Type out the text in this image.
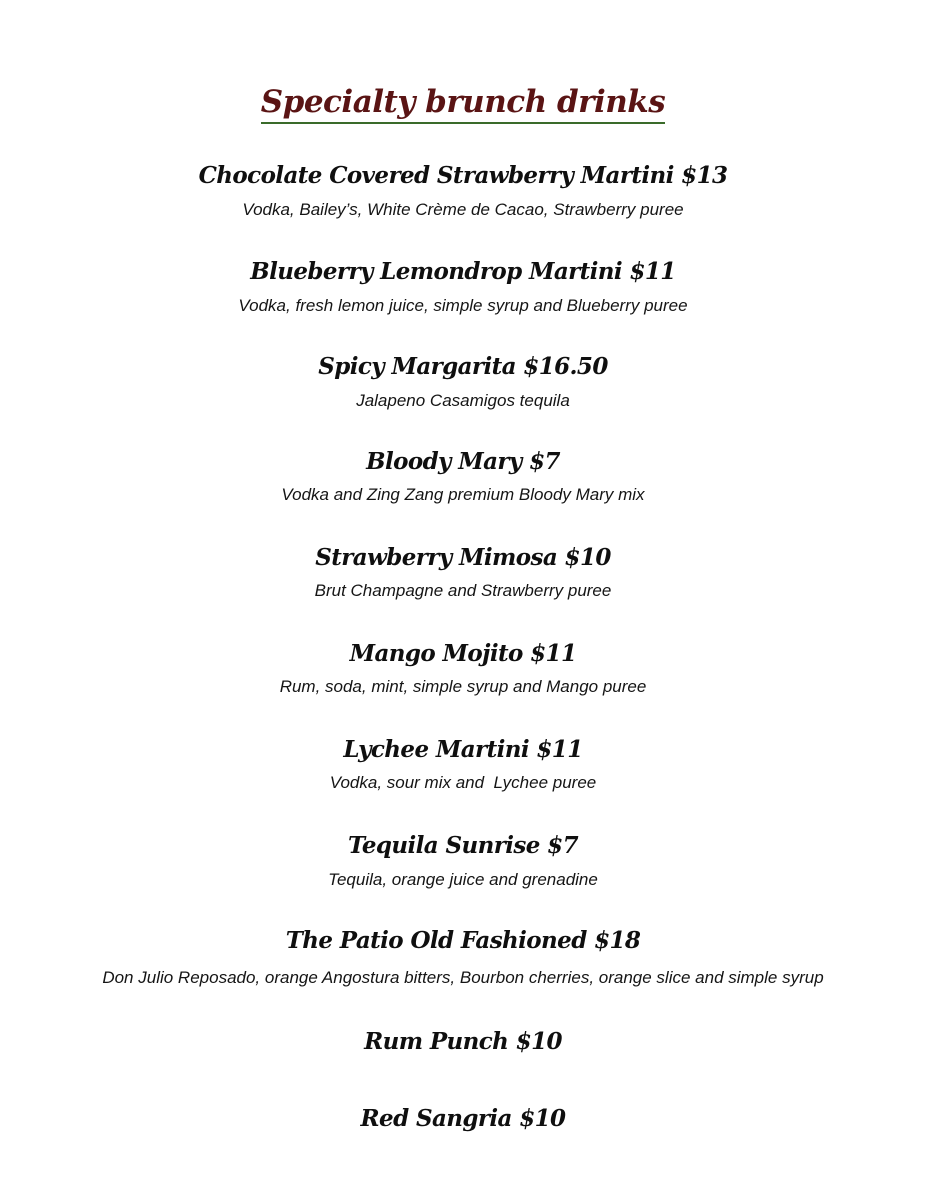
Specialty brunch drinks
Chocolate Covered Strawberry Martini $13
Vodka, Bailey’s, White Crème de Cacao, Strawberry puree
Blueberry Lemondrop Martini $11
Vodka, fresh lemon juice, simple syrup and Blueberry puree
Spicy Margarita $16.50
Jalapeno Casamigos tequila
Bloody Mary $7
Vodka and Zing Zang premium Bloody Mary mix
Strawberry Mimosa $10
Brut Champagne and Strawberry puree
Mango Mojito $11
Rum, soda, mint, simple syrup and Mango puree
Lychee Martini $11
Vodka, sour mix and  Lychee puree
Tequila Sunrise $7
Tequila, orange juice and grenadine
The Patio Old Fashioned $18
Don Julio Reposado, orange Angostura bitters, Bourbon cherries, orange slice and simple syrup
Rum Punch $10
Red Sangria $10
